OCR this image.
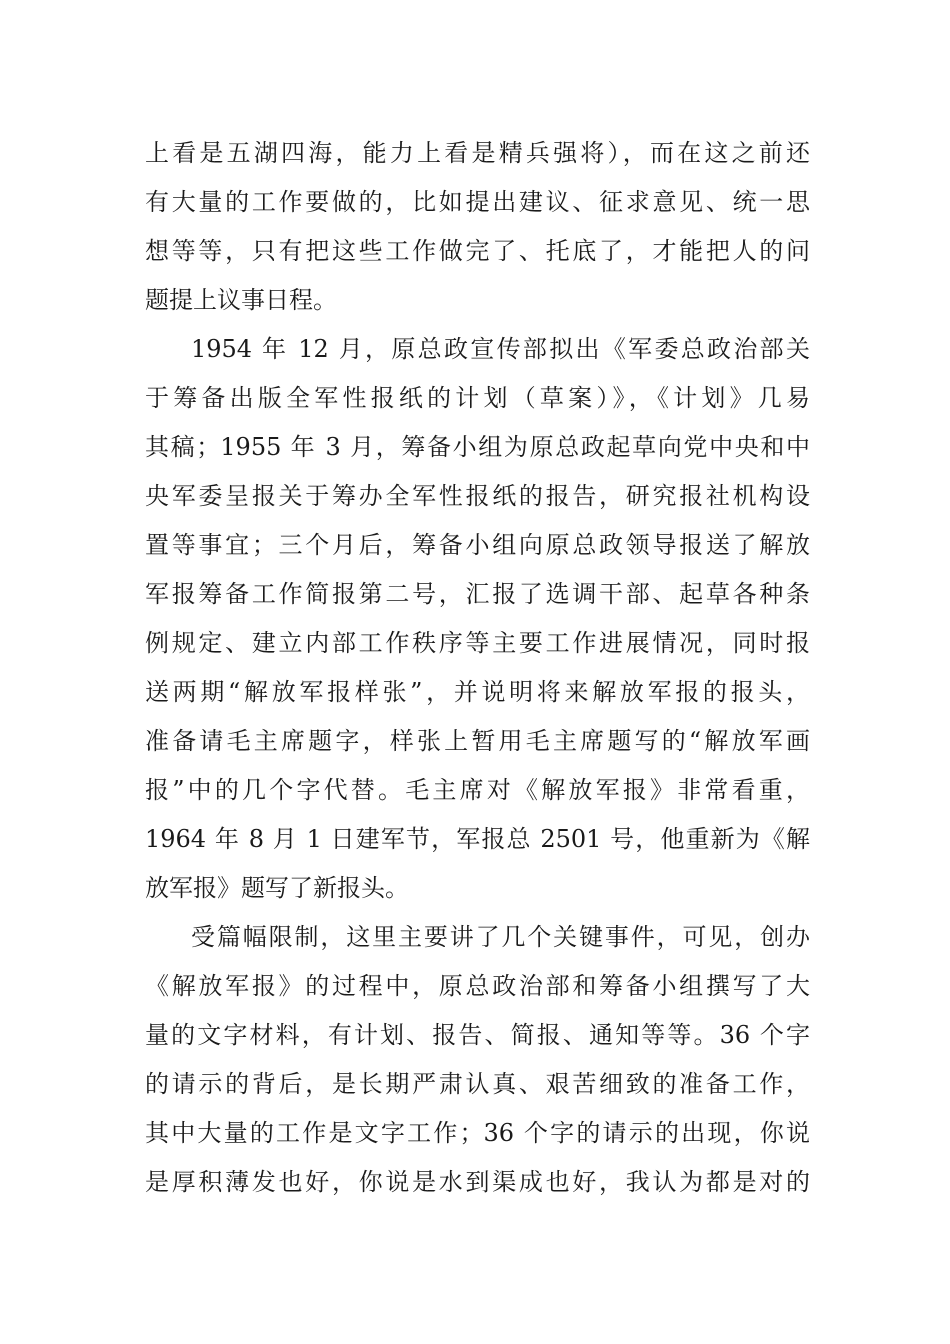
上看是五湖四海，能力上看是精兵强将），而在这之前还
有大量的工作要做的，比如提出建议、征求意见、统一思
想等等，只有把这些工作做完了、托底了，才能把人的问
题提上议事日程。
1954 年 12 月，原总政宣传部拟出《军委总政治部关
于筹备出版全军性报纸的计划（草案）》，《计划》几易
其稿；1955 年 3 月，筹备小组为原总政起草向党中央和中
央军委呈报关于筹办全军性报纸的报告，研究报社机构设
置等事宜；三个月后，筹备小组向原总政领导报送了解放
军报筹备工作简报第二号，汇报了选调干部、起草各种条
例规定、建立内部工作秩序等主要工作进展情况，同时报
送两期“解放军报样张”，并说明将来解放军报的报头，
准备请毛主席题字，样张上暂用毛主席题写的“解放军画
报”中的几个字代替。毛主席对《解放军报》非常看重，
1964 年 8 月 1 日建军节，军报总 2501 号，他重新为《解
放军报》题写了新报头。
受篇幅限制，这里主要讲了几个关键事件，可见，创办
《解放军报》的过程中，原总政治部和筹备小组撰写了大
量的文字材料，有计划、报告、简报、通知等等。36 个字
的请示的背后，是长期严肃认真、艰苦细致的准备工作，
其中大量的工作是文字工作；36 个字的请示的出现，你说
是厚积薄发也好，你说是水到渠成也好，我认为都是对的
